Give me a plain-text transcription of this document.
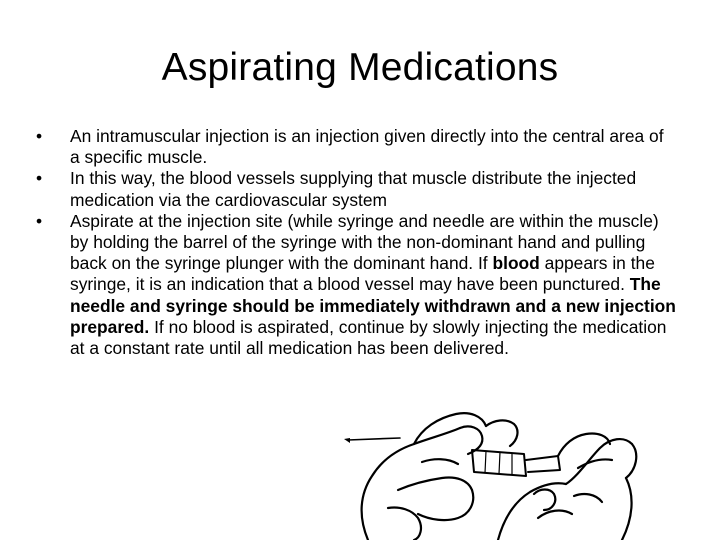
Aspirating Medications
•	An intramuscular injection is an injection given directly into the central area of a specific muscle.
•	In this way, the blood vessels supplying that muscle distribute the injected medication via the cardiovascular system
•	Aspirate at the injection site (while syringe and needle are within the muscle) by holding the barrel of the syringe with the non-dominant hand and pulling back on the syringe plunger with the dominant hand. If blood appears in the syringe, it is an indication that a blood vessel may have been punctured. The needle and syringe should be immediately withdrawn and a new injection prepared. If no blood is aspirated, continue by slowly injecting the medication at a constant rate until all medication has been delivered.
